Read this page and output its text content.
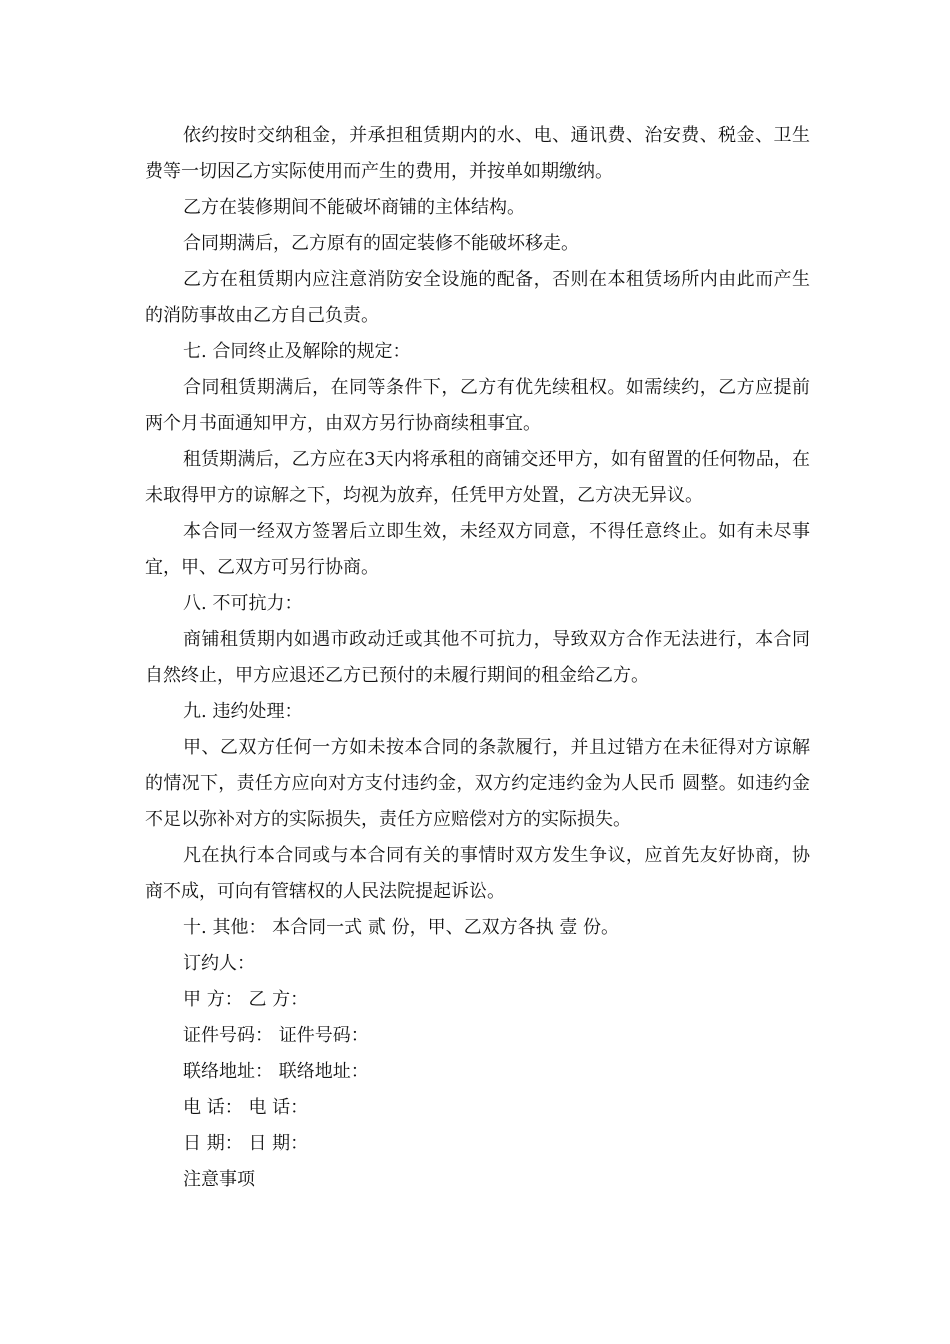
依约按时交纳租金，并承担租赁期内的水、电、通讯费、治安费、税金、卫生费等一切因乙方实际使用而产生的费用，并按单如期缴纳。

乙方在装修期间不能破坏商铺的主体结构。

合同期满后，乙方原有的固定装修不能破坏移走。

乙方在租赁期内应注意消防安全设施的配备，否则在本租赁场所内由此而产生的消防事故由乙方自己负责。

七. 合同终止及解除的规定：

合同租赁期满后，在同等条件下，乙方有优先续租权。如需续约，乙方应提前两个月书面通知甲方，由双方另行协商续租事宜。

租赁期满后，乙方应在3天内将承租的商铺交还甲方，如有留置的任何物品，在未取得甲方的谅解之下，均视为放弃，任凭甲方处置，乙方决无异议。

本合同一经双方签署后立即生效，未经双方同意，不得任意终止。如有未尽事宜，甲、乙双方可另行协商。

八. 不可抗力：

商铺租赁期内如遇市政动迁或其他不可抗力，导致双方合作无法进行，本合同自然终止，甲方应退还乙方已预付的未履行期间的租金给乙方。

九. 违约处理：

甲、乙双方任何一方如未按本合同的条款履行，并且过错方在未征得对方谅解的情况下，责任方应向对方支付违约金，双方约定违约金为人民币 圆整。如违约金不足以弥补对方的实际损失，责任方应赔偿对方的实际损失。

凡在执行本合同或与本合同有关的事情时双方发生争议，应首先友好协商，协商不成，可向有管辖权的人民法院提起诉讼。

十. 其他： 本合同一式 贰 份，甲、乙双方各执 壹 份。

订约人：

甲 方： 乙 方：

证件号码： 证件号码：

联络地址： 联络地址：

电 话： 电 话：

日 期： 日 期：

注意事项
